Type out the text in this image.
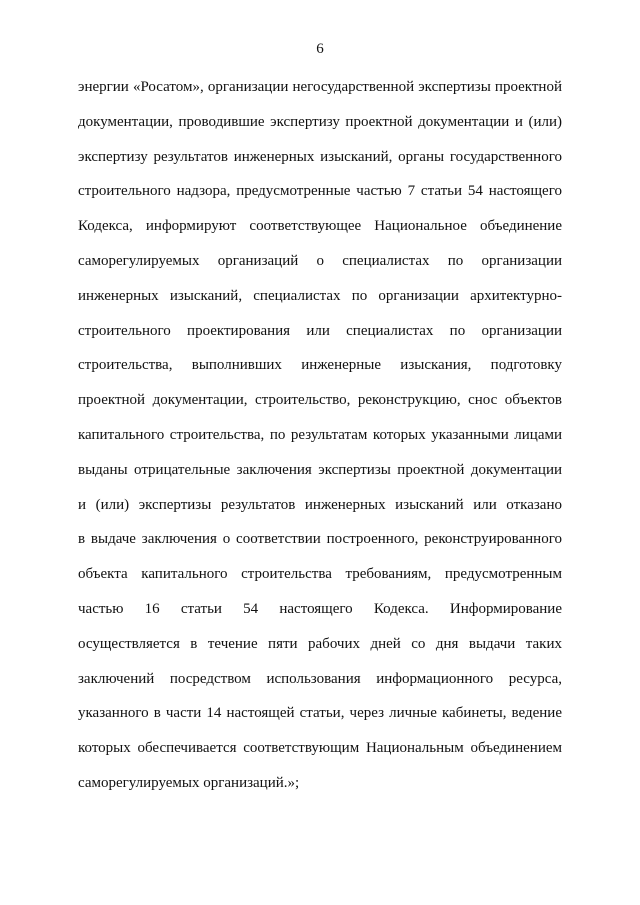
6
энергии «Росатом», организации негосударственной экспертизы проектной
документации, проводившие экспертизу проектной документации и (или)
экспертизу результатов инженерных изысканий, органы государственного
строительного надзора, предусмотренные частью 7 статьи 54 настоящего
Кодекса, информируют соответствующее Национальное объединение
саморегулируемых организаций о специалистах по организации
инженерных изысканий, специалистах по организации архитектурно-
строительного проектирования или специалистах по организации
строительства, выполнивших инженерные изыскания, подготовку
проектной документации, строительство, реконструкцию, снос объектов
капитального строительства, по результатам которых указанными лицами
выданы отрицательные заключения экспертизы проектной документации
и (или) экспертизы результатов инженерных изысканий или отказано
в выдаче заключения о соответствии построенного, реконструированного
объекта капитального строительства требованиям, предусмотренным
частью 16 статьи 54 настоящего Кодекса. Информирование
осуществляется в течение пяти рабочих дней со дня выдачи таких
заключений посредством использования информационного ресурса,
указанного в части 14 настоящей статьи, через личные кабинеты, ведение
которых обеспечивается соответствующим Национальным объединением
саморегулируемых организаций.»;
